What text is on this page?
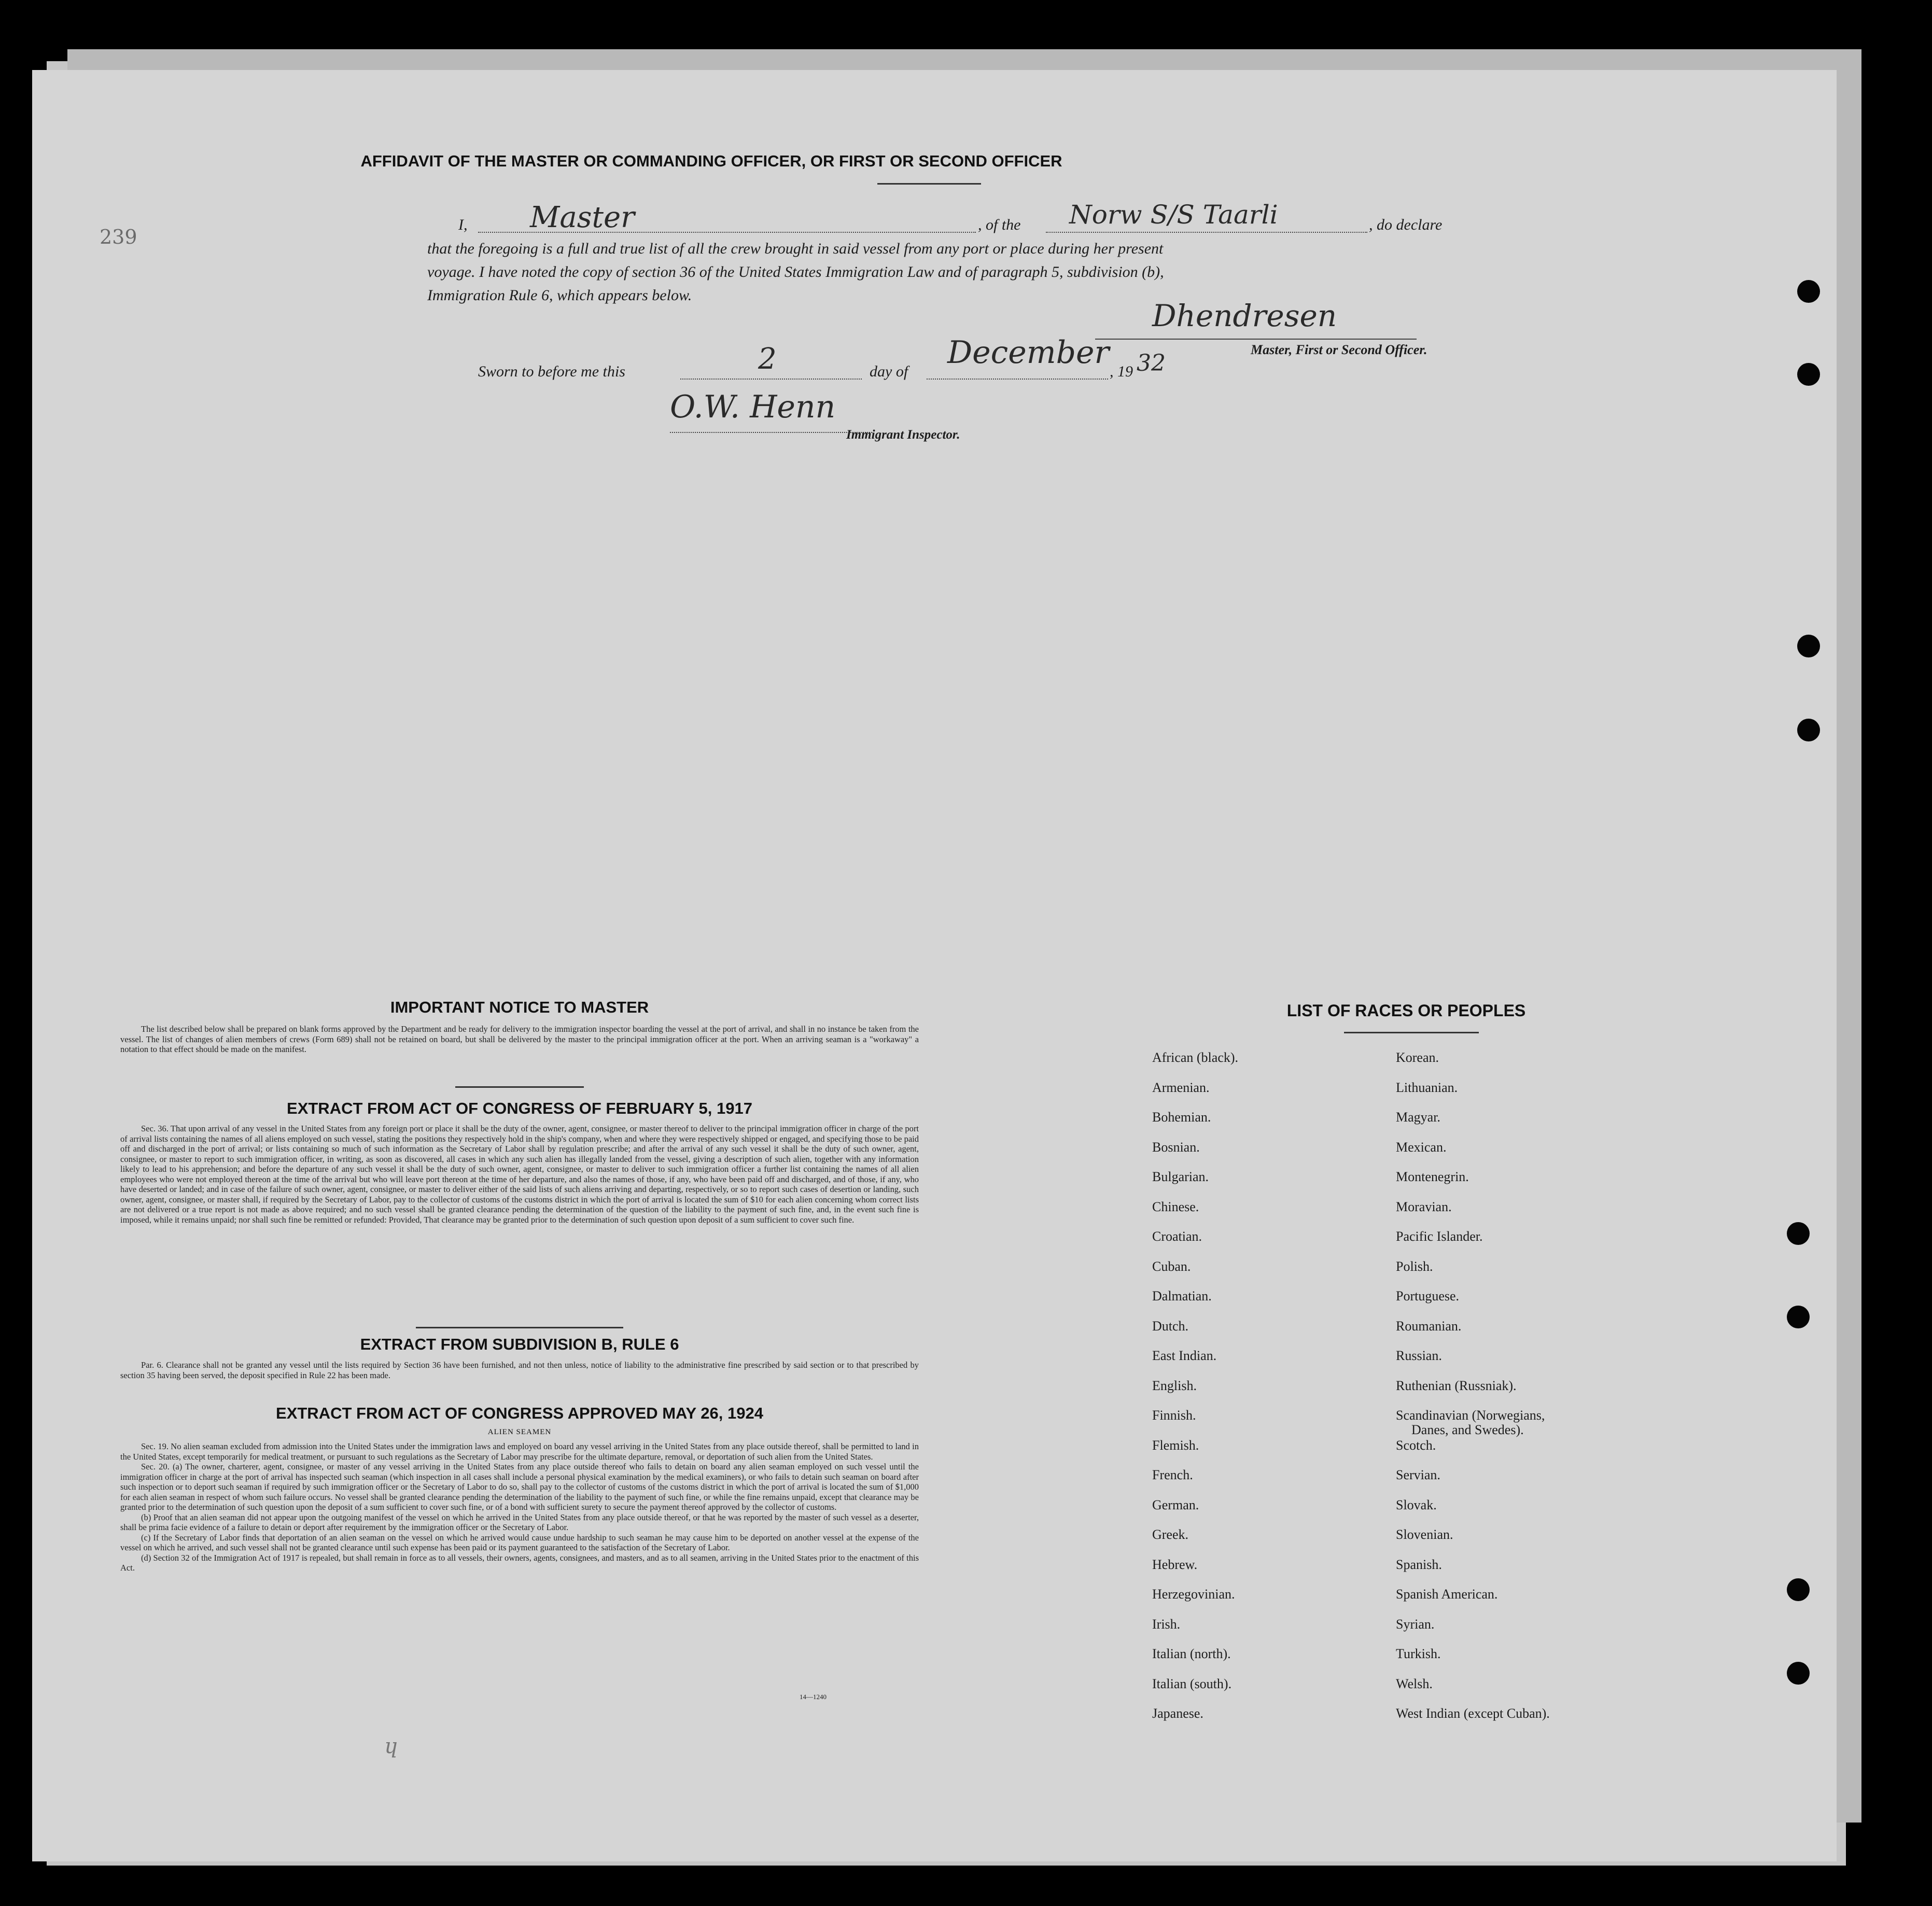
AFFIDAVIT OF THE MASTER OR COMMANDING OFFICER, OR FIRST OR SECOND OFFICER
I, Master	, of the Norw S/S Taarli	, do declare
that the foregoing is a full and true list of all the crew brought in said vessel from any port or place during her present
voyage. I have noted the copy of section 36 of the United States Immigration Law and of paragraph 5, subdivision (b),
Immigration Rule 6, which appears below.
Dhendresen
Master, First or Second Officer.
Sworn to before me this	2	day of
December
, 19 32
O.W. Henn
Immigrant Inspector.
239
IMPORTANT NOTICE TO MASTER
The list described below shall be prepared on blank forms approved by the Department and be ready for delivery to the immigration inspector boarding the vessel at the port of arrival, and shall in no instance be taken from the vessel. The list of changes of alien members of crews (Form 689) shall not be retained on board, but shall be delivered by the master to the principal immigration officer at the port. When an arriving seaman is a "workaway" a notation to that effect should be made on the manifest.
EXTRACT FROM ACT OF CONGRESS OF FEBRUARY 5, 1917
Sec. 36. That upon arrival of any vessel in the United States from any foreign port or place it shall be the duty of the owner, agent, consignee, or master thereof to deliver to the principal immigration officer in charge of the port of arrival lists containing the names of all aliens employed on such vessel, stating the positions they respectively hold in the ship's company, when and where they were respectively shipped or engaged, and specifying those to be paid off and discharged in the port of arrival; or lists containing so much of such information as the Secretary of Labor shall by regulation prescribe; and after the arrival of any such vessel it shall be the duty of such owner, agent, consignee, or master to report to such immigration officer, in writing, as soon as discovered, all cases in which any such alien has illegally landed from the vessel, giving a description of such alien, together with any information likely to lead to his apprehension; and before the departure of any such vessel it shall be the duty of such owner, agent, consignee, or master to deliver to such immigration officer a further list containing the names of all alien employees who were not employed thereon at the time of the arrival but who will leave port thereon at the time of her departure, and also the names of those, if any, who have been paid off and discharged, and of those, if any, who have deserted or landed; and in case of the failure of such owner, agent, consignee, or master to deliver either of the said lists of such aliens arriving and departing, respectively, or so to report such cases of desertion or landing, such owner, agent, consignee, or master shall, if required by the Secretary of Labor, pay to the collector of customs of the customs district in which the port of arrival is located the sum of $10 for each alien concerning whom correct lists are not delivered or a true report is not made as above required; and no such vessel shall be granted clearance pending the determination of the question of the liability to the payment of such fine, and, in the event such fine is imposed, while it remains unpaid; nor shall such fine be remitted or refunded: Provided, That clearance may be granted prior to the determination of such question upon deposit of a sum sufficient to cover such fine.
EXTRACT FROM SUBDIVISION B, RULE 6
Par. 6. Clearance shall not be granted any vessel until the lists required by Section 36 have been furnished, and not then unless, notice of liability to the administrative fine prescribed by said section or to that prescribed by section 35 having been served, the deposit specified in Rule 22 has been made.
EXTRACT FROM ACT OF CONGRESS APPROVED MAY 26, 1924
ALIEN SEAMEN

Sec. 19. No alien seaman excluded from admission into the United States under the immigration laws and employed on board any vessel arriving in the United States from any place outside thereof, shall be permitted to land in the United States, except temporarily for medical treatment, or pursuant to such regulations as the Secretary of Labor may prescribe for the ultimate departure, removal, or deportation of such alien from the United States.

Sec. 20. (a) The owner, charterer, agent, consignee, or master of any vessel arriving in the United States from any place outside thereof who fails to detain on board any alien seaman employed on such vessel until the immigration officer in charge at the port of arrival has inspected such seaman (which inspection in all cases shall include a personal physical examination by the medical examiners), or who fails to detain such seaman on board after such inspection or to deport such seaman if required by such immigration officer or the Secretary of Labor to do so, shall pay to the collector of customs of the customs district in which the port of arrival is located the sum of $1,000 for each alien seaman in respect of whom such failure occurs. No vessel shall be granted clearance pending the determination of the liability to the payment of such fine, or while the fine remains unpaid, except that clearance may be granted prior to the determination of such question upon the deposit of a sum sufficient to cover such fine, or of a bond with sufficient surety to secure the payment thereof approved by the collector of customs.

(b) Proof that an alien seaman did not appear upon the outgoing manifest of the vessel on which he arrived in the United States from any place outside thereof, or that he was reported by the master of such vessel as a deserter, shall be prima facie evidence of a failure to detain or deport after requirement by the immigration officer or the Secretary of Labor.

(c) If the Secretary of Labor finds that deportation of an alien seaman on the vessel on which he arrived would cause undue hardship to such seaman he may cause him to be deported on another vessel at the expense of the vessel on which he arrived, and such vessel shall not be granted clearance until such expense has been paid or its payment guaranteed to the satisfaction of the Secretary of Labor.

(d) Section 32 of the Immigration Act of 1917 is repealed, but shall remain in force as to all vessels, their owners, agents, consignees, and masters, and as to all seamen, arriving in the United States prior to the enactment of this Act.

14—1240
LIST OF RACES OR PEOPLES
African (black).
Armenian.
Bohemian.
Bosnian.
Bulgarian.
Chinese.
Croatian.
Cuban.
Dalmatian.
Dutch.
East Indian.
English.
Finnish.
Flemish.
French.
German.
Greek.
Hebrew.
Herzegovinian.
Irish.
Italian (north).
Italian (south).
Japanese.
Korean.
Lithuanian.
Magyar.
Mexican.
Montenegrin.
Moravian.
Pacific Islander.
Polish.
Portuguese.
Roumanian.
Russian.
Ruthenian (Russniak).
Scandinavian (Norwegians,
Danes, and Swedes).
Scotch.
Servian.
Slovak.
Slovenian.
Spanish.
Spanish American.
Syrian.
Turkish.
Welsh.
West Indian (except Cuban).
ɥ
